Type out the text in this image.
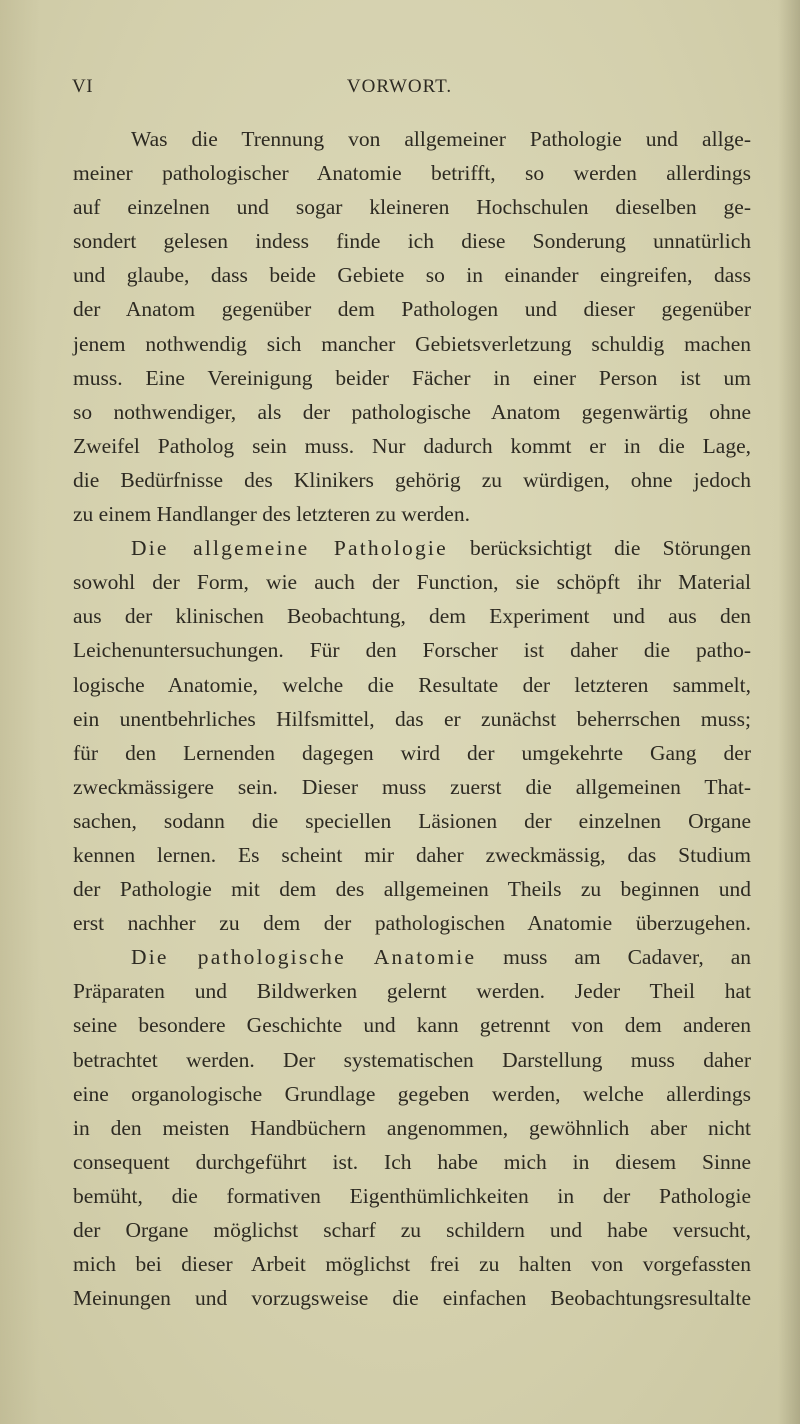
VI	VORWORT.
Was die Trennung von allgemeiner Pathologie und allge-
meiner pathologischer Anatomie betrifft, so werden allerdings
auf einzelnen und sogar kleineren Hochschulen dieselben ge-
sondert gelesen indess finde ich diese Sonderung unnatürlich
und glaube, dass beide Gebiete so in einander eingreifen, dass
der Anatom gegenüber dem Pathologen und dieser gegenüber
jenem nothwendig sich mancher Gebietsverletzung schuldig machen
muss. Eine Vereinigung beider Fächer in einer Person ist um
so nothwendiger, als der pathologische Anatom gegenwärtig ohne
Zweifel Patholog sein muss. Nur dadurch kommt er in die Lage,
die Bedürfnisse des Klinikers gehörig zu würdigen, ohne jedoch
zu einem Handlanger des letzteren zu werden.
Die allgemeine Pathologie berücksichtigt die Störungen
sowohl der Form, wie auch der Function, sie schöpft ihr Material
aus der klinischen Beobachtung, dem Experiment und aus den
Leichenuntersuchungen. Für den Forscher ist daher die patho-
logische Anatomie, welche die Resultate der letzteren sammelt,
ein unentbehrliches Hilfsmittel, das er zunächst beherrschen muss;
für den Lernenden dagegen wird der umgekehrte Gang der
zweckmässigere sein. Dieser muss zuerst die allgemeinen That-
sachen, sodann die speciellen Läsionen der einzelnen Organe
kennen lernen. Es scheint mir daher zweckmässig, das Studium
der Pathologie mit dem des allgemeinen Theils zu beginnen und
erst nachher zu dem der pathologischen Anatomie überzugehen.
Die pathologische Anatomie muss am Cadaver, an
Präparaten und Bildwerken gelernt werden. Jeder Theil hat
seine besondere Geschichte und kann getrennt von dem anderen
betrachtet werden. Der systematischen Darstellung muss daher
eine organologische Grundlage gegeben werden, welche allerdings
in den meisten Handbüchern angenommen, gewöhnlich aber nicht
consequent durchgeführt ist. Ich habe mich in diesem Sinne
bemüht, die formativen Eigenthümlichkeiten in der Pathologie
der Organe möglichst scharf zu schildern und habe versucht,
mich bei dieser Arbeit möglichst frei zu halten von vorgefassten
Meinungen und vorzugsweise die einfachen Beobachtungsresultalte
